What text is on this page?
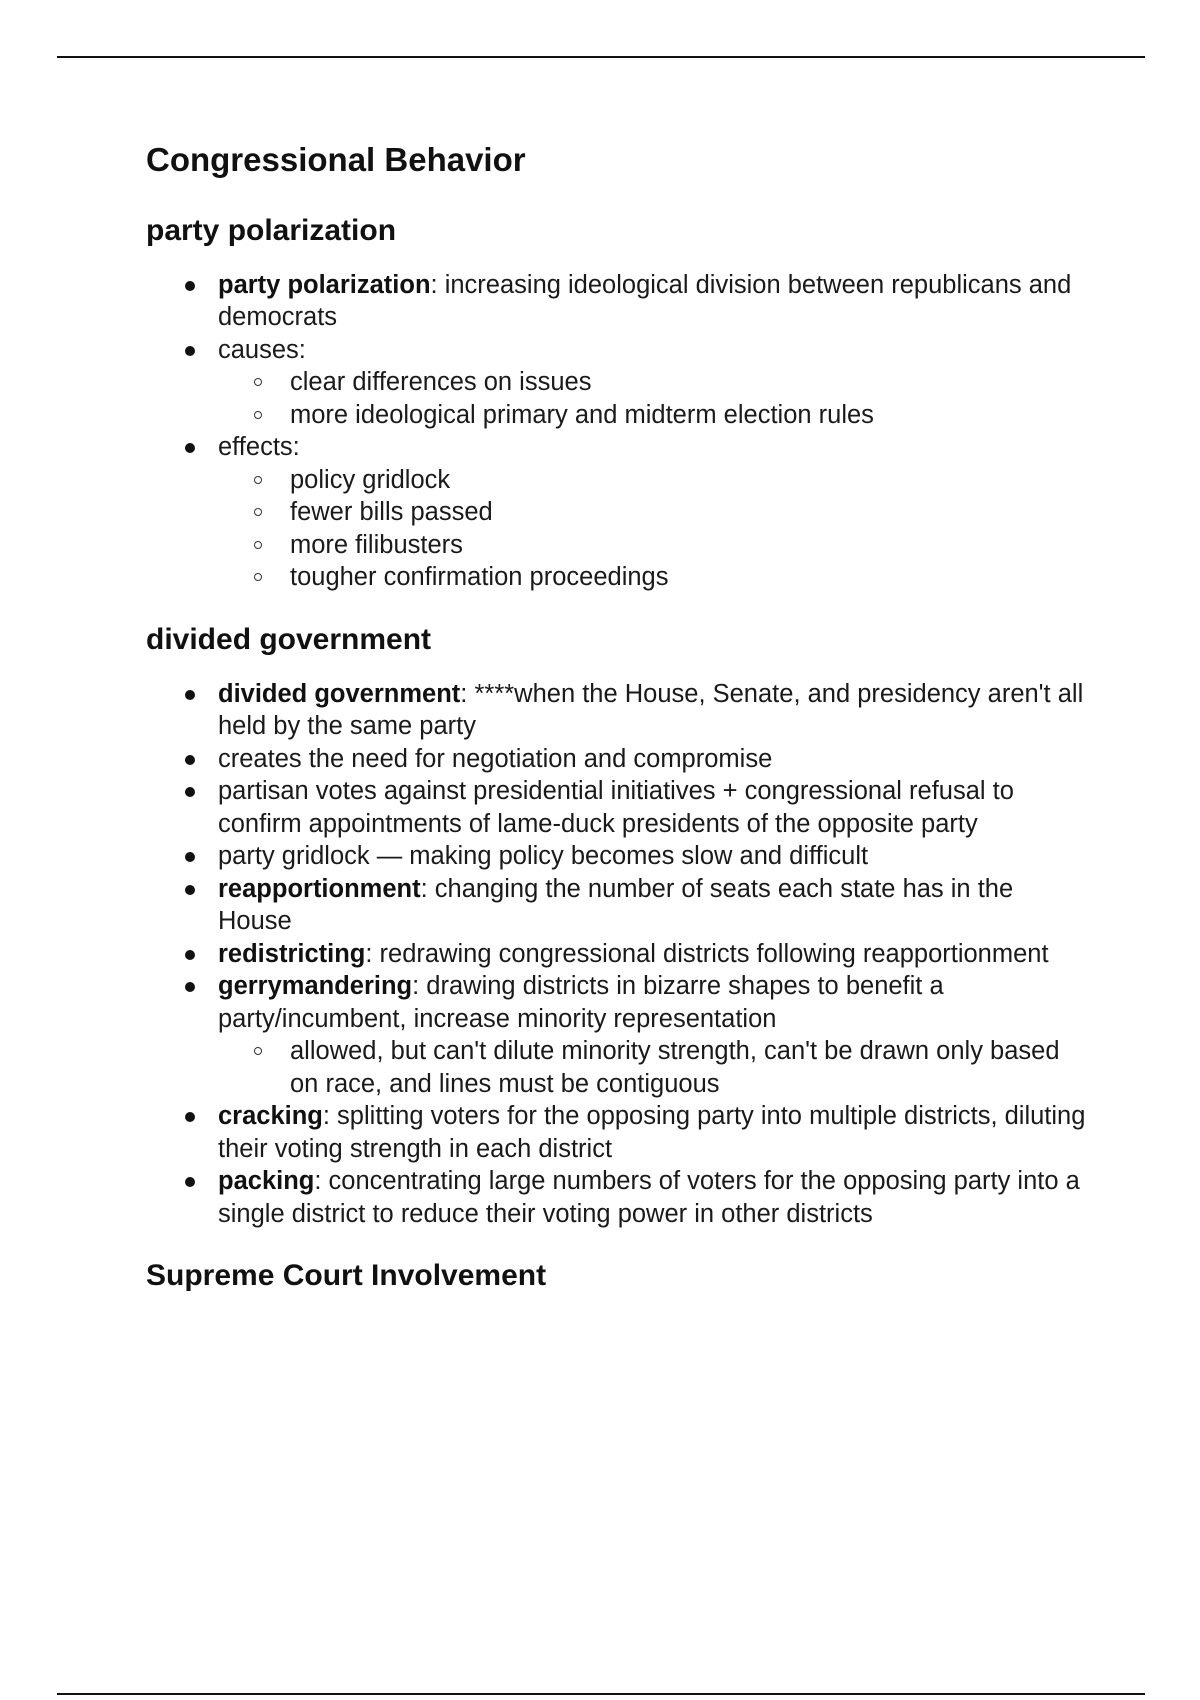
Congressional Behavior
party polarization
party polarization: increasing ideological division between republicans and democrats
causes:
clear differences on issues
more ideological primary and midterm election rules
effects:
policy gridlock
fewer bills passed
more filibusters
tougher confirmation proceedings
divided government
divided government: ****when the House, Senate, and presidency aren't all held by the same party
creates the need for negotiation and compromise
partisan votes against presidential initiatives + congressional refusal to confirm appointments of lame-duck presidents of the opposite party
party gridlock — making policy becomes slow and difficult
reapportionment: changing the number of seats each state has in the House
redistricting: redrawing congressional districts following reapportionment
gerrymandering: drawing districts in bizarre shapes to benefit a party/incumbent, increase minority representation
allowed, but can't dilute minority strength, can't be drawn only based on race, and lines must be contiguous
cracking: splitting voters for the opposing party into multiple districts, diluting their voting strength in each district
packing: concentrating large numbers of voters for the opposing party into a single district to reduce their voting power in other districts
Supreme Court Involvement
